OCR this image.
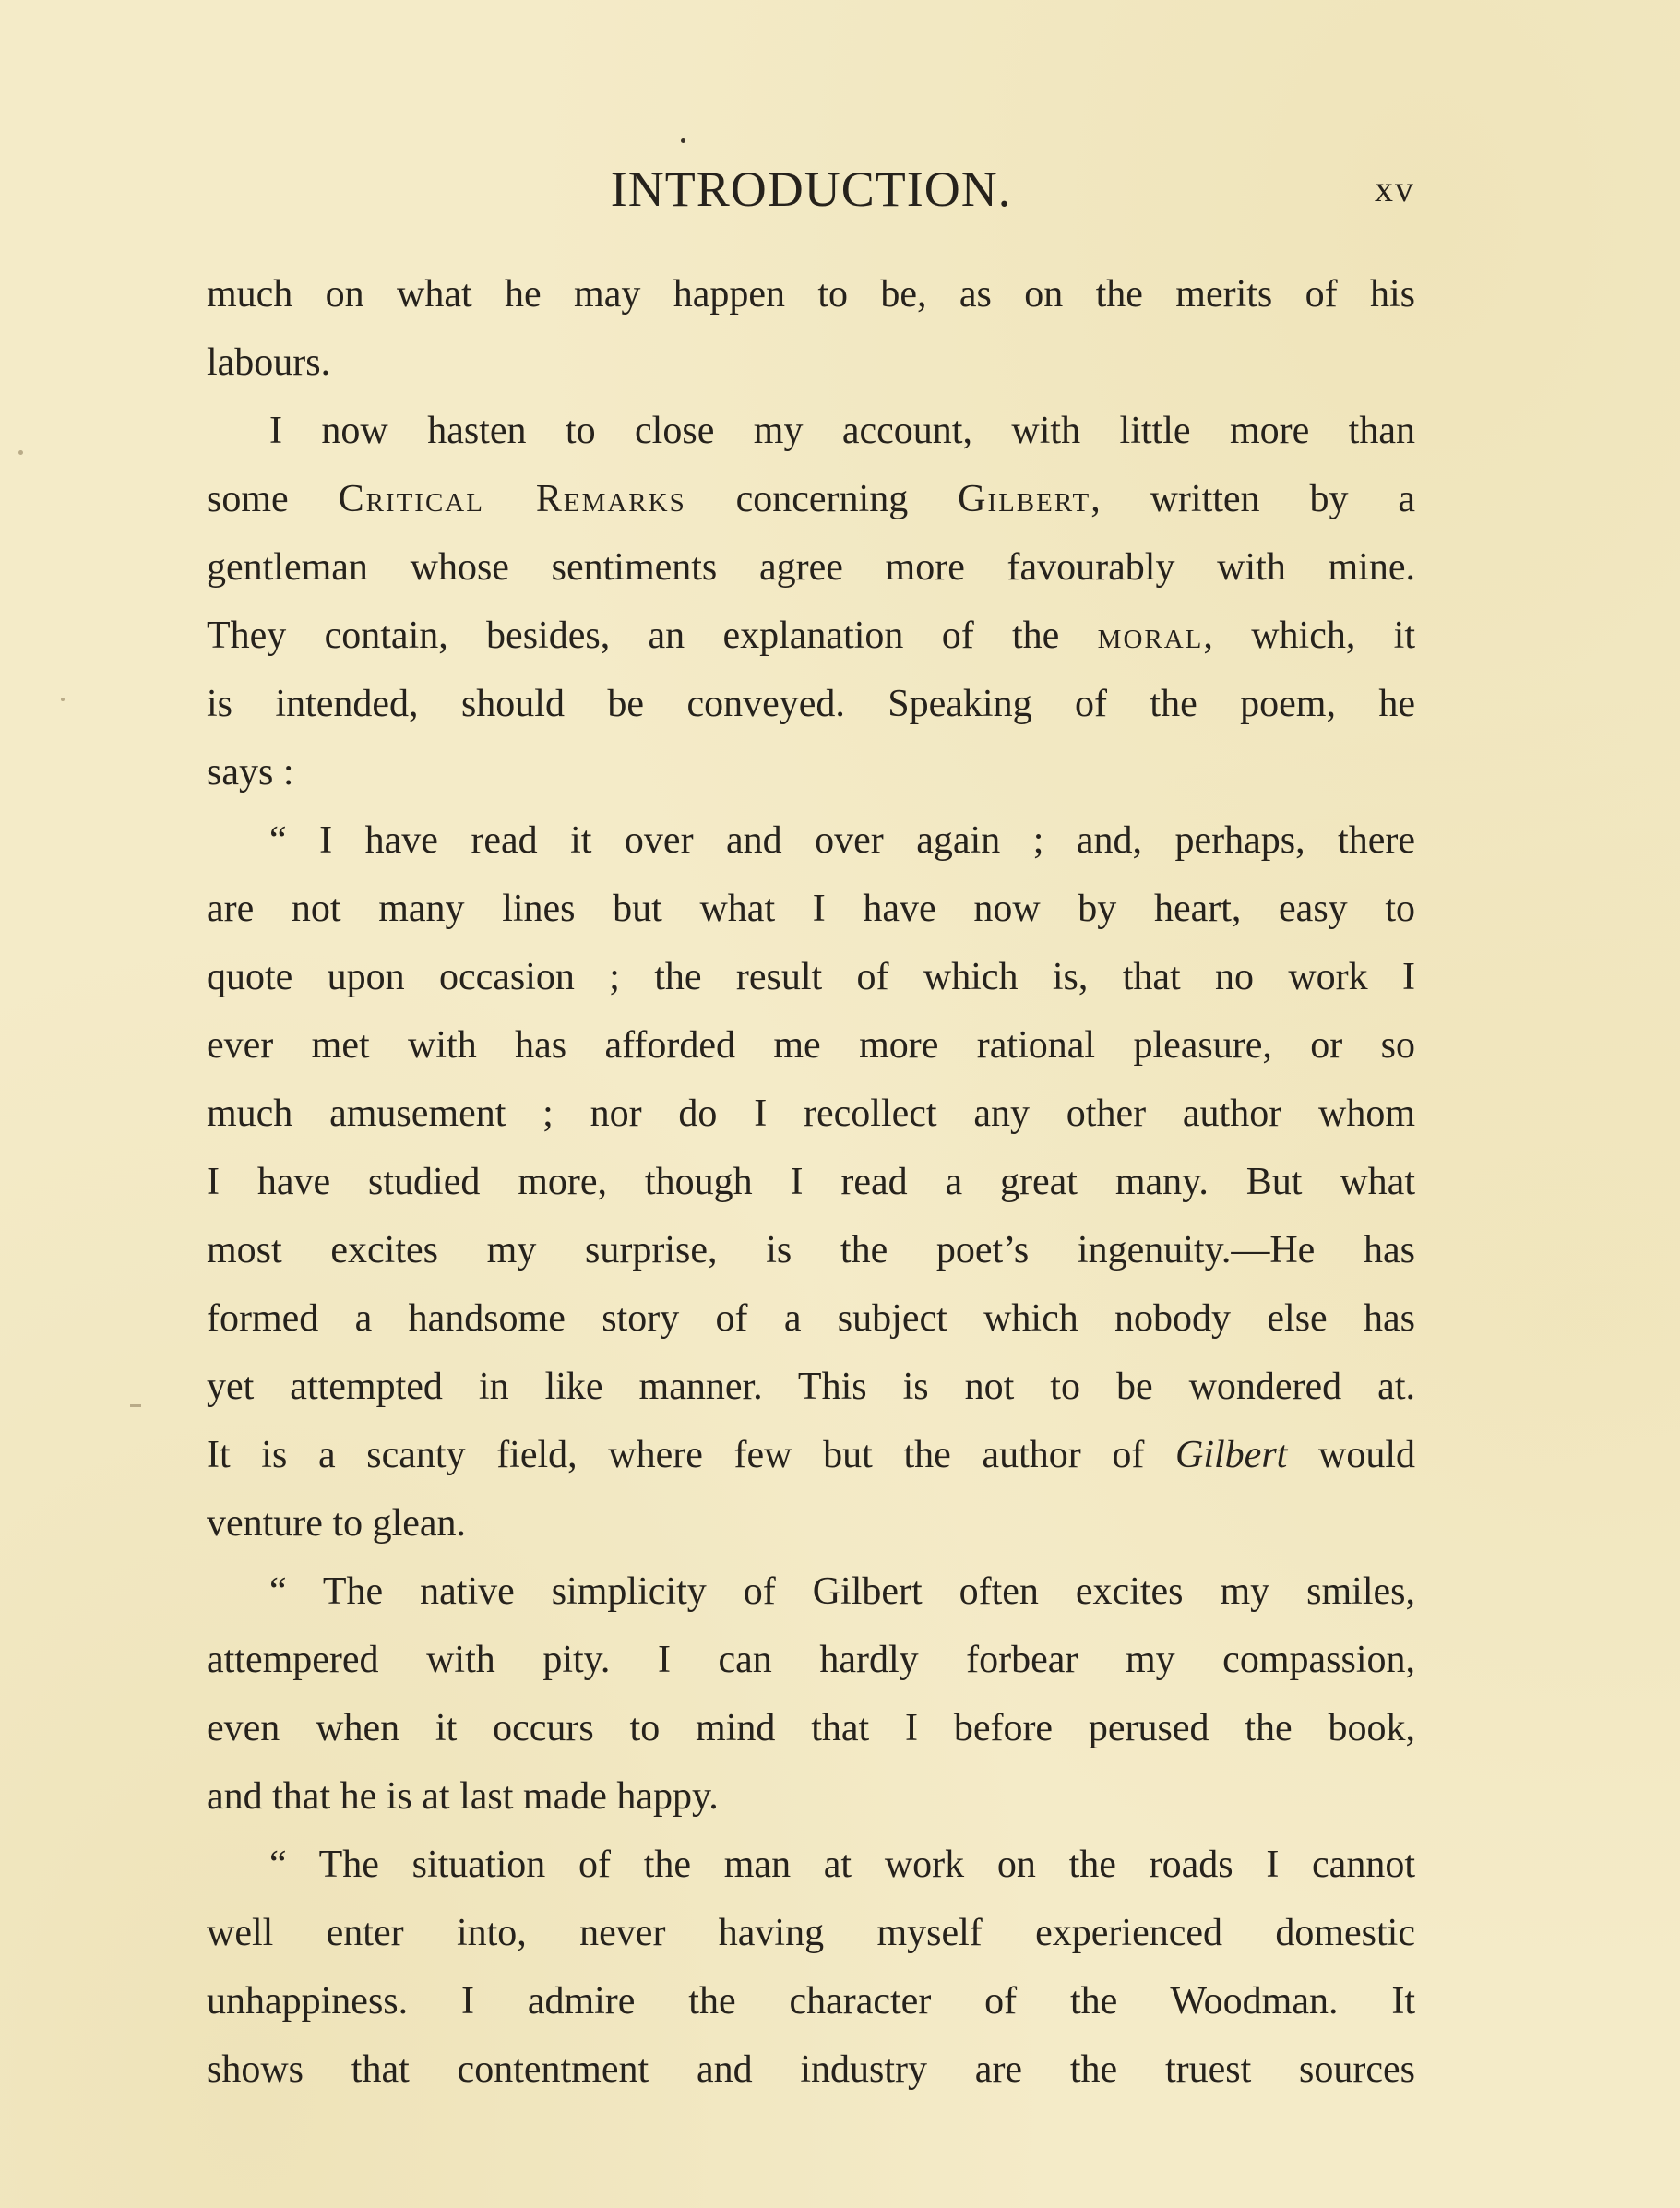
INTRODUCTION.	xv
much on what he may happen to be, as on the merits of his
labours.
I now hasten to close my account, with little more than
some Critical Remarks concerning Gilbert, written by a
gentleman whose sentiments agree more favourably with mine.
They contain, besides, an explanation of the moral, which, it
is intended, should be conveyed. Speaking of the poem, he
says :
“ I have read it over and over again ; and, perhaps, there
are not many lines but what I have now by heart, easy to
quote upon occasion ; the result of which is, that no work I
ever met with has afforded me more rational pleasure, or so
much amusement ; nor do I recollect any other author whom
I have studied more, though I read a great many. But what
most excites my surprise, is the poet’s ingenuity.—He has
formed a handsome story of a subject which nobody else has
yet attempted in like manner. This is not to be wondered at.
It is a scanty field, where few but the author of Gilbert would
venture to glean.
“ The native simplicity of Gilbert often excites my smiles,
attempered with pity. I can hardly forbear my compassion,
even when it occurs to mind that I before perused the book,
and that he is at last made happy.
“ The situation of the man at work on the roads I cannot
well enter into, never having myself experienced domestic
unhappiness. I admire the character of the Woodman. It
shows that contentment and industry are the truest sources
